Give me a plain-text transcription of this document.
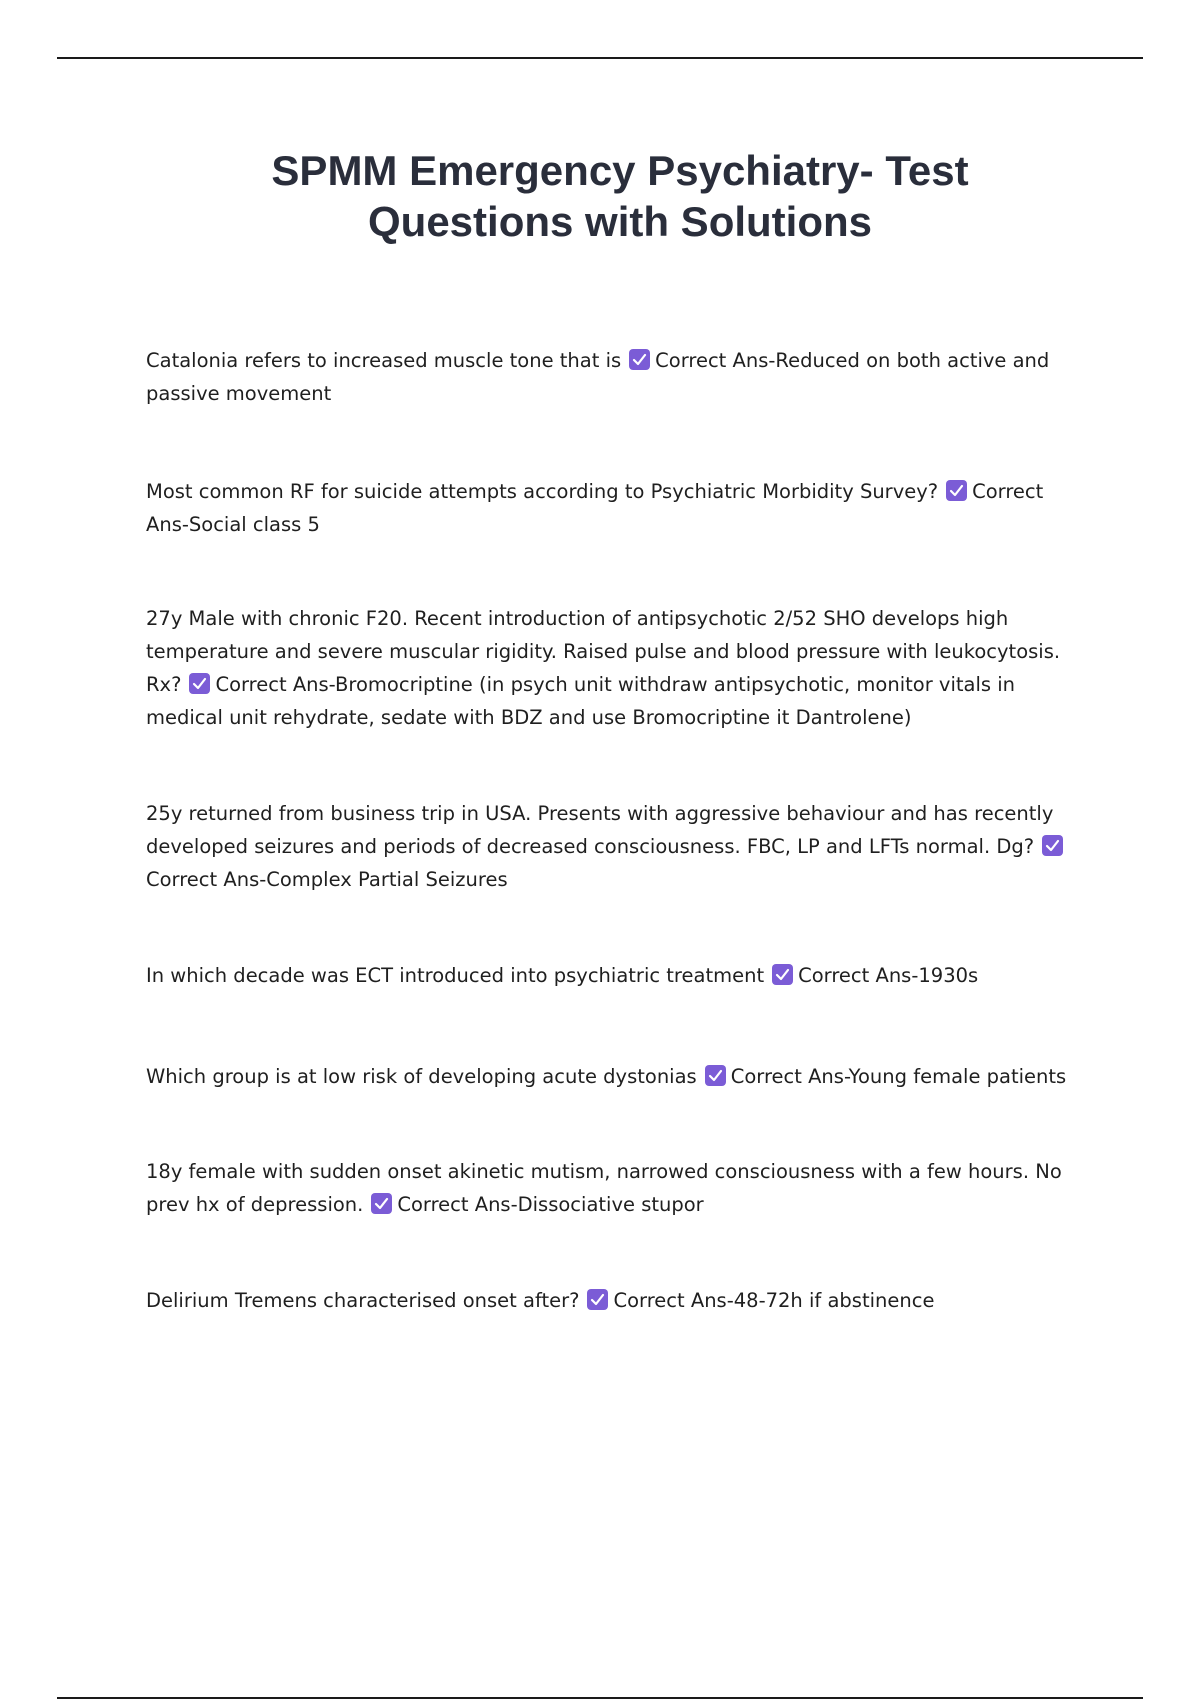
SPMM Emergency Psychiatry- Test
Questions with Solutions

Catalonia refers to increased muscle tone that is Correct Ans-Reduced on both active and passive movement

Most common RF for suicide attempts according to Psychiatric Morbidity Survey? Correct Ans-Social class 5

27y Male with chronic F20. Recent introduction of antipsychotic 2/52 SHO develops high temperature and severe muscular rigidity. Raised pulse and blood pressure with leukocytosis. Rx? Correct Ans-Bromocriptine (in psych unit withdraw antipsychotic, monitor vitals in medical unit rehydrate, sedate with BDZ and use Bromocriptine it Dantrolene)

25y returned from business trip in USA. Presents with aggressive behaviour and has recently developed seizures and periods of decreased consciousness. FBC, LP and LFTs normal. Dg?
Correct Ans-Complex Partial Seizures

In which decade was ECT introduced into psychiatric treatment Correct Ans-1930s

Which group is at low risk of developing acute dystonias Correct Ans-Young female patients

18y female with sudden onset akinetic mutism, narrowed consciousness with a few hours. No prev hx of depression. Correct Ans-Dissociative stupor

Delirium Tremens characterised onset after? Correct Ans-48-72h if abstinence
